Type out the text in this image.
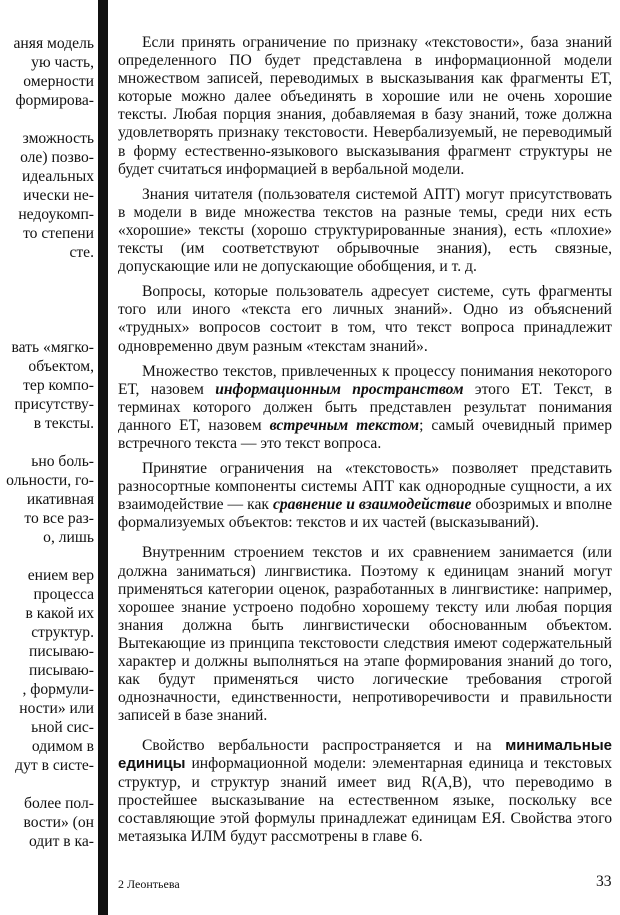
аняя модель
ую часть,
омерности
формирова-
зможность
оле) позво-
идеальных
ически не-
недоукомп-
то степени
сте.
вать «мягко-
объектом,
тер компо-
присутству-
в тексты.
ьно боль-
ольности, го-
икативная
то все раз-
о, лишь
ением вер
процесса
в какой их
структур.
писываю-
писываю-
, формули-
ности» или
ьной сис-
одимом в
дут в систе-
более пол-
вости» (он
одит в ка-

Если принять ограничение по признаку «текстовости», база знаний определенного ПО будет представлена в информационной модели множеством записей, переводимых в высказывания как фрагменты ЕТ, которые можно далее объединять в хорошие или не очень хорошие тексты. Любая порция знания, добавляемая в базу знаний, тоже должна удовлетворять признаку текстовости. Невербализуемый, не переводимый в форму естественно-языкового высказывания фрагмент структуры не будет считаться информацией в вербальной модели.

Знания читателя (пользователя системой АПТ) могут присутствовать в модели в виде множества текстов на разные темы, среди них есть «хорошие» тексты (хорошо структурированные знания), есть «плохие» тексты (им соответствуют обрывочные знания), есть связные, допускающие или не допускающие обобщения, и т. д.

Вопросы, которые пользователь адресует системе, суть фрагменты того или иного «текста его личных знаний». Одно из объяснений «трудных» вопросов состоит в том, что текст вопроса принадлежит одновременно двум разным «текстам знаний».

Множество текстов, привлеченных к процессу понимания некоторого ЕТ, назовем информационным пространством этого ЕТ. Текст, в терминах которого должен быть представлен результат понимания данного ЕТ, назовем встречным текстом; самый очевидный пример встречного текста — это текст вопроса.

Принятие ограничения на «текстовость» позволяет представить разносортные компоненты системы АПТ как однородные сущности, а их взаимодействие — как сравнение и взаимодействие обозримых и вполне формализуемых объектов: текстов и их частей (высказываний).

Внутренним строением текстов и их сравнением занимается (или должна заниматься) лингвистика. Поэтому к единицам знаний могут применяться категории оценок, разработанных в лингвистике: например, хорошее знание устроено подобно хорошему тексту или любая порция знания должна быть лингвистически обоснованным объектом. Вытекающие из принципа текстовости следствия имеют содержательный характер и должны выполняться на этапе формирования знаний до того, как будут применяться чисто логические требования строгой однозначности, единственности, непротиворечивости и правильности записей в базе знаний.

Свойство вербальности распространяется и на минимальные единицы информационной модели: элементарная единица и текстовых структур, и структур знаний имеет вид R(A,B), что переводимо в простейшее высказывание на естественном языке, поскольку все составляющие этой формулы принадлежат единицам ЕЯ. Свойства этого метаязыка ИЛМ будут рассмотрены в главе 6.

2 Леонтьева	33
